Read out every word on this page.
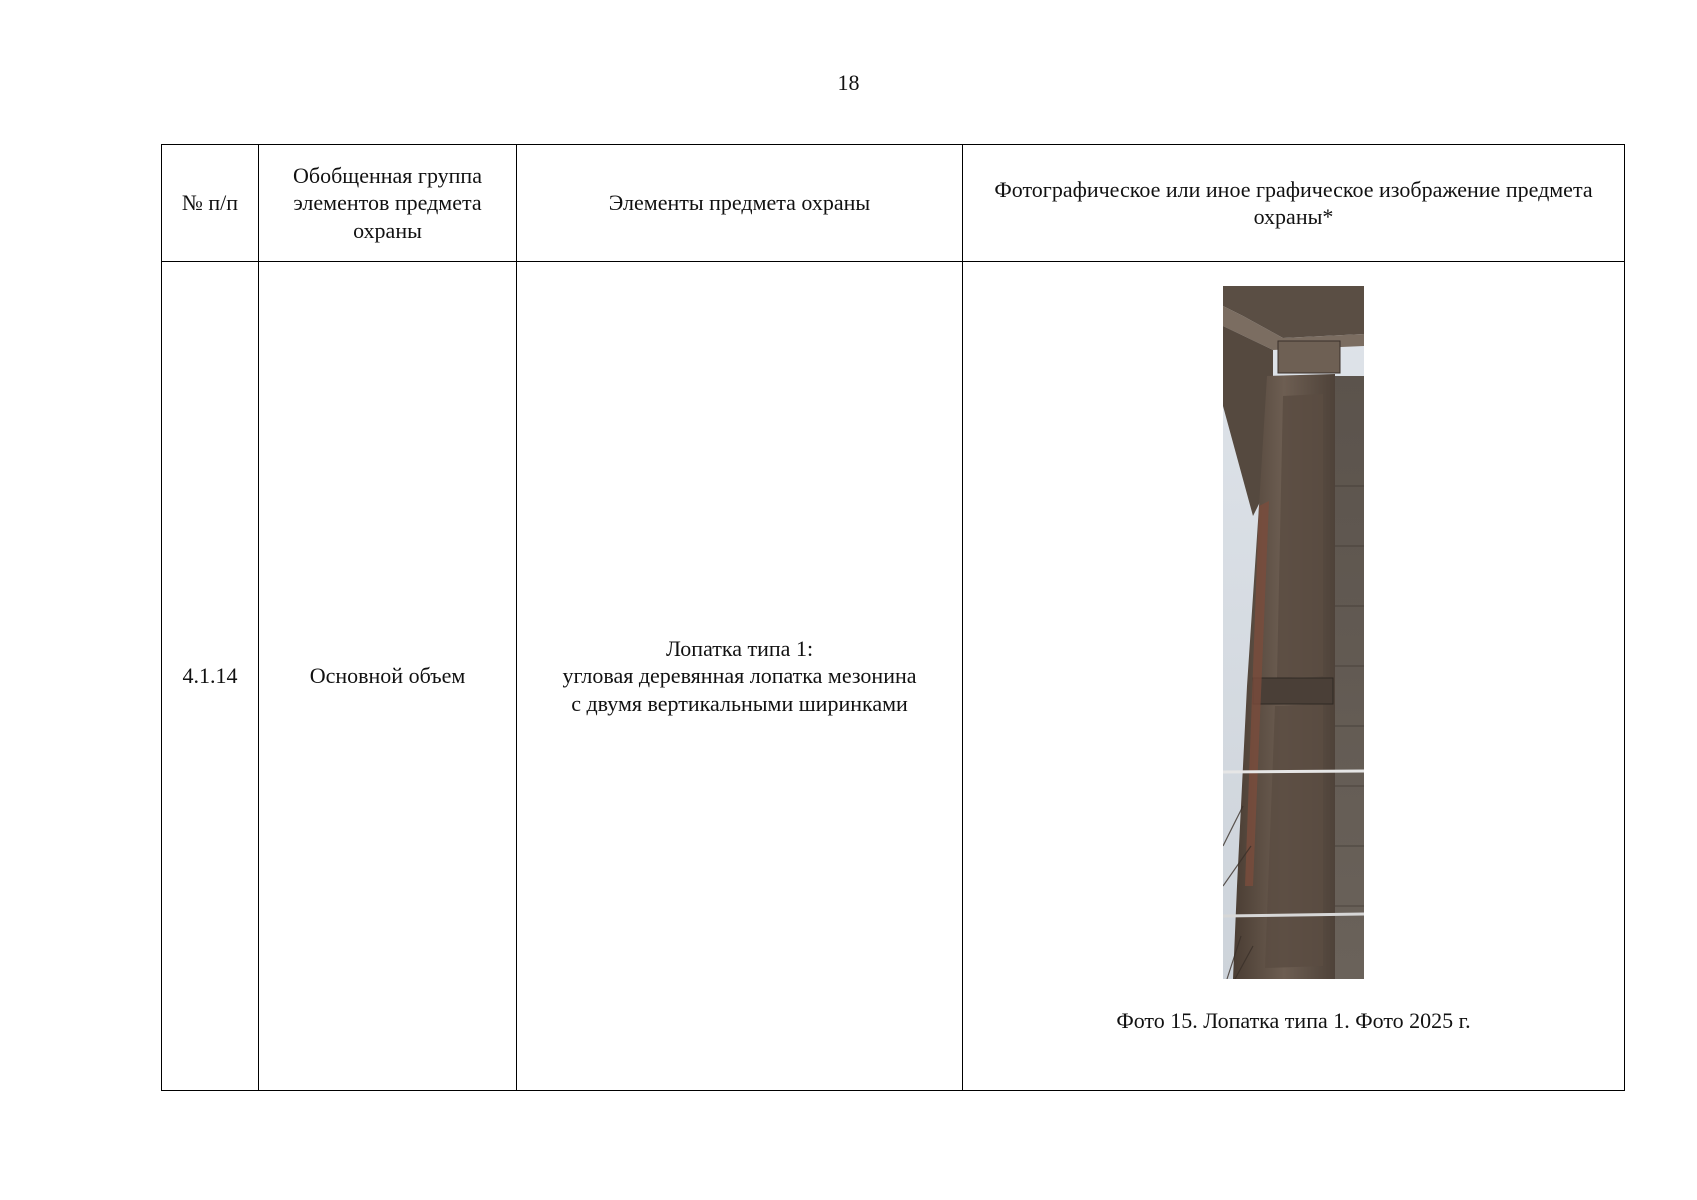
18
№ п/п	Обобщенная группа элементов предмета охраны	Элементы предмета охраны	Фотографическое или иное графическое изображение предмета охраны*
4.1.14	Основной объем	Лопатка типа 1:
угловая деревянная лопатка мезонина
с двумя вертикальными ширинками	Фото 15. Лопатка типа 1. Фото 2025 г.
